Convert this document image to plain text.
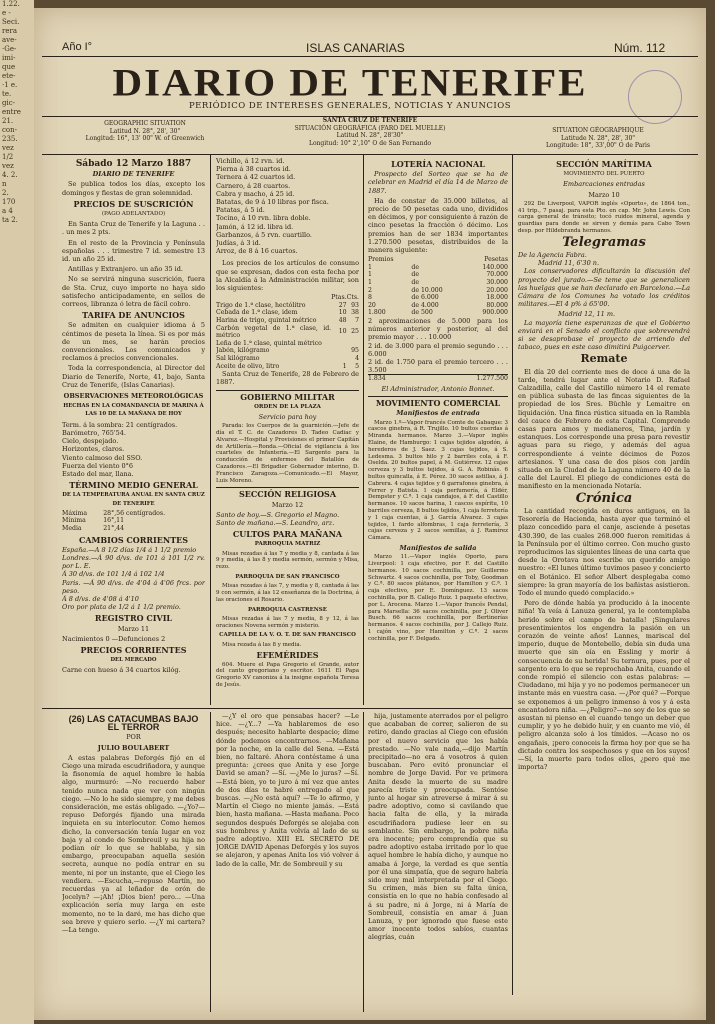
1.22.
e -
Seci.
rera
ave-
·Ge-
imi-
que
ete-
·1 e.
te.
gic-
entre
21.
con-
235.
vez
1/2
vez
4. 2.
n
2.
170
a 4
ta 2.
Año I°	ISLAS CANARIAS	Núm. 112
DIARIO DE TENERIFE
PERIÓDICO DE INTERESES GENERALES, NOTICIAS Y ANUNCIOS
GEOGRAPHIC SITUATION
Latitud N. 28°, 28', 30"
Longitud: 16°, 13' 00" W. of Greenwich
SANTA CRUZ DE TENERIFE
SITUACIÓN GEOGRÁFICA (FARO DEL MUELLE)
Latitud N. 28°, 28'30"
Longitud: 10° 2',10" O de San Fernando
SITUATION GÉOGRAPHIQUE
Latitude N. 28°, 28', 30"
Longitude: 18°, 33',00" O de Paris
Sábado 12 Marzo 1887
DIARIO DE TENERIFE

Se publica todos los días, excepto los domingos y fiestas de gran solemnidad.

PRECIOS DE SUSCRICIÓN
(PAGO ADELANTADO)

En Santa Cruz de Tenerife y la Laguna . . . un mes 2 pts.

En el resto de la Provincia y Península españolas . . . trimestre 7 id. semestre 13 id. un año 25 id.

Antillas y Extranjero. un año 35 id.

No se servirá ninguna suscrición, fuera de Sta. Cruz, cuyo importe no haya sido satisfecho anticipadamente, en sellos de correos, libranza ó letra de fácil cobro.

TARIFA DE ANUNCIOS

Se admiten en cualquier idioma á 5 céntimos de peseta la línea. Si es por más de un mes, se harán precios convencionales. Los comunicados y reclamos á precios convencionales.

Toda la correspondencia, al Director del Diario de Tenerife, Norte, 41, bajo, Santa Cruz de Tenerife, (Islas Canarias).

OBSERVACIONES METEOROLÓGICAS
HECHAS EN LA COMANDANCIA DE MARINA Á LAS 10 DE LA MAÑANA DE HOY
Term. á la sombra: 21 centígrados.
Barómetro, 765'54.
Cielo, despejado.
Horizontes, claros.
Viento calmoso del SSO.
Fuerza del viento 0°6
Estado del mar, llana.
TÉRMINO MEDIO GENERAL
DE LA TEMPERATURA ANUAL EN SANTA CRUZ DE TENERIFE
Máxima	28°,56 centígrados.
Mínima	16°,11
Media	21°,44
CAMBIOS CORRIENTES
España.—A 8 1/2 días 1/4 á 1 1/2 premio
Londres.—Á 90 d/vs. de 101 á 101 1/2 rv. por L. E.
Á 30 d/vs. de 101 1/4 á 102 1/4
Paris. —Á 90 d/vs. de 4'04 á 4'06 frcs. por peso.
Á 8 d/vs. de 4'08 á 4'10
Oro por plata de 1/2 á 1 1/2 premio.
REGISTRO CIVIL
Marzo 11
Nacimientos 0 —Defunciones 2
PRECIOS CORRIENTES
DEL MERCADO
Carne con hueso á 34 cuartos kilóg.
Vichillo, á 12 rvn. id.
Pierna á 38 cuartos id.
Ternera á 42 cuartos id.
Carnero, á 28 cuartos.
Cabra y macho, á 25 id.
Batatas, de 9 á 10 libras por fisca.
Patatas, á 5 id.
Tocino, á 10 rvn. libra doble.
Jamón, á 12 id. libra id.
Garbanzos, á 5 rvn. cuartillo.
Judías, á 3 id.
Arroz, de 8 á 16 cuartos.

Los precios de los artículos de consumo que se expresan, dados con esta fecha por la Alcaldía á la Administración militar, son los siguientes:

	Ptas.	Cts.
Trigo de 1.ª clase, hectólitro	27	93
Cebada de 1.ª clase, idem	10	38
Harina de trigo, quintal métrico	48	7
Carbón vegetal de 1.ª clase, id. métrico	10	25
Leña de 1.ª clase, quintal métrico		
Jabón, kilógramo		95
Sal kilógramo		4
Aceite de olivo, litro	1	5

Santa Cruz de Tenerife, 28 de Febrero de 1887.

GOBIERNO MILITAR
ORDEN DE LA PLAZA
Servicio para hoy

Parada: los Cuerpos de la guarnición.—Jefe de día el T. C. de Cazadores D. Tadeo Cadiac y Alvarez.—Hospital y Provisiones el primer Capitán de Artillería.—Ronda.—Oficial de vigilancia á los cuarteles de Infantería.—El Sargento para la conducción de enfermos del Batallón de Cazadores.—El Brigadier Gobernador interino, D. Francisco Zaragoza.—Comunicado.—El Mayor, Luis Moreno.

SECCIÓN RELIGIOSA
Marzo 12
Santo de hoy.—S. Gregorio el Magno.
Santo de mañana.—S. Leandro, arz.
CULTOS PARA MAÑANA
PARROQUIA MATRIZ

Misas rezadas á las 7 y media y 8, cantada á las 9 y media, á las 8 y media sermón, sermón y Misa, rezo.

PARROQUIA DE SAN FRANCISCO

Misas rezadas á las 7, y media y 8, cantada á las 9 con sermón, á las 12 enseñanza de la Doctrina, á las oraciones el Rosario.

PARROQUIA CASTRENSE

Misas rezadas á las 7 y media, 8 y 12, á las oraciones Novena sermón y misterio.

CAPILLA DE LA V. O. T. DE SAN FRANCISCO

Misa rezada á las 8 y media.

EFEMÉRIDES

604. Muere el Papa Gregorio el Grande, autor del canto gregoriano y escritor. 1611 El Papa Gregorio XV canoniza á la insigne española Teresa de Jesús.

LOTERÍA NACIONAL

Prospecto del Sorteo que se ha de celebrar en Madrid el día 14 de Marzo de 1887.

Ha de constar de 35.000 billetes, al precio de 50 pesetas cada uno, divididos en décimos, y por consiguiente á razón de cinco pesetas la fracción ó décimo. Los premios han de ser 1834 importantes 1.270.500 pesetas, distribuidos de la manera siguiente:

Premios		Pesetas
1	de	140.000
1	de	70.000
1	de	30.000
2	de 10.000	20.000
8	de 6.000	18.000
20	de 4.000	80.000
1.800	de 500	900.000
2 aproximaciones de 5.000 para los números anterior y posterior, al del premio mayor . . . 10.000
2 id. de 3.000 para el premio segundo . . . 6.000
2 id. de 1.750 para el premio tercero . . . 3.500
1.834	1.277.500
El Administrador, Antonio Bonnet.
MOVIMIENTO COMERCIAL
Manifiestos de entrada

Marzo 1.º—Vapor francés Comte de Gabaque: 3 cascos ginebra, á R. Trujillo. 10 bultos cuerdas á Miranda hermanos. Marzo 3.—Vapor inglés Elaine, de Hamburgo: 1 cajas tejidos algodón, á herederos de J. Saez. 3 cajas tejidos, á S. Ledesma. 3 bultos hilo y 2 barriles cola, á F. Oselda. 20 bultos papel, á M. Gutiérrez. 12 cajas cerveza y 3 bultos tejidos, á G. A. Robinás. 6 bultos quincalla, á E. Pérez. 30 sacos astillas, á J. Cabrera. 4 cajas tejidos y 6 garrafones ginebra, á Ferrer y Batista. 1 caja perfumería, á Eldér, Dempster y C.ª. 1 caja candajos, á F. del Castillo hermanos. 10 sacos harina, 1 cascos espíritu, 10 barriles cerveza, 8 bultos tejidos, 1 caja ferretería y 1 caja cuentas, á J. García Álvarez. 3 cajas tejidos, 1 fardo alfombras, 1 caja ferretería, 3 cajas cerveza y 2 sacos semillas, á J. Ramírez Cámara.

Manifiestos de salida

Marzo 11.—Vapor inglés Oporto, para Liverpool: 1 caja efectivo, por F. del Castillo hermanos. 10 sacos cochinilla, por Guillermo Schwartz. 4 sacos cochinilla, por Toby, Goodman y C.ª. 80 sacos plátanos, por Hamilton y C.ª. 1 caja efectivo, por E. Domínguez. 13 sacos cochinilla, por B. Callejo Ruiz. 1 paquete efectivo, por L. Arocena. Marzo 1.—Vapor francés Pendal, para Marsella: 36 sacos cochinilla, por J. Oliver Busch. 66 sacos cochinilla, por Bertinerías hermanos. 4 sacos cochinilla, por J. Callejo Ruiz. 1 cajón vino, por Hamilton y C.ª. 2 sacos cochinilla, por F. Delgado.

SECCIÓN MARÍTIMA
MOVIMIENTO DEL PUERTO
Embarcaciones entradas
Marzo 10

292 De Liverpool, VAPOR inglés «Oporto», de 1864 ton., 41 trip., 7 pasaj. para esta Pto. en cap. Mr. John Lewis. Con carga general de tránsito; tocó ruidos mineral, agenda y guardias para donde se sirven y demás para Cabo Town desp. por Hildebranda hermanos.

Telegramas
De la Agencia Fabra.
Madrid 11, 6'30 n.

Los conservadores dificultarán la discusión del proyecto del jurado.—Se teme que se generalicen las huelgas que se han declarado en Barcelona.—La Cámara de los Comunes ha votado los créditos militares.—El 4 p% á 65'00.

Madrid 12, 11 m.

La mayoría tiene esperanzas de que el Gobierno enviará en el Senado el conflicto que sobrevendrá si se desaprobase el proyecto de arriendo del tabaco, pues en este caso dimitirá Puigcerver.

Remate

El día 20 del corriente mes de doce á una de la tarde, tendrá lugar ante el Notario D. Rafael Calzadilla, calle del Castillo número 14 el remate en pública subasta de las fincas siguientes de la propiedad de los Sres. Büchle y Lemaitre en liquidación. Una finca rústica situada en la Rambla del cauce de Febrero de esta Capital. Comprende casas para amos y medianeros, Tina, jardín y estanques. Los corresponde una presa para revestir aguas para su riego, y además del agua correspondiente á veinte décimos de Pozos artesianos. Y una casa de dos pisos con jardín situada en la Ciudad de la Laguna número 40 de la calle del Laurel. El pliego de condiciones está de manifiesto en la mencionada Notaría.

Crónica

La cantidad recogida en duros antiguos, en la Tesorería de Hacienda, hasta ayer que terminó el plazo concedido para el canje, asciende á pesetas 430.390, de las cuales 268.000 fueron remitidas á la Península por el último correo. Con mucho gusto reproducimos las siguientes líneas de una carta que desde la Orotava nos escribe un querido amigo nuestro: «El lunes último tuvimos paseo y concierto en el Botánico. El señor Albert desplegaba como siempre: la gran mayoría de los bañistas asistieron. Todo el mundo quedó complacido.»

Pero de dónde había ya producido á la inocente niña! Ya veía á Lanuza general, ya le contemplaba herido sobre el campo de batalla! ¡Singulares presentimientos los engendra la pasión en un corazón de veinte años! Lannes, mariscal del imperio, duque de Montebello, debía sin duda una muerte que sin oía en Essling y morir á consecuencia de su herida! Su ternura, pues, por el sargento era lo que se reprochaba Anita, cuando el conde rompió el silencio con estas palabras: —Ciudadano, mi hija y yo no podemos permanecer un instante más en vuestra casa. —¿Por qué? —Porque se exponemos á un peligro inmenso á vos y á esta encantadora niña. —¿Peligro?—no soy de los que se asustan ni pienso en el cuando tengo un deber que cumplir, y yo he debido huir, y en cuanto me vió, él peligro alcanza solo á los tímidos. —Acaso no os engañais, ¡pero conoceis la firma hoy por que se ha dictado contra los sospechosos y que en los suyos! —Sí, la muerte para todos ellos, ¿pero qué me importa?

(26) LAS CATACUMBAS BAJO EL TERROR
POR
JULIO BOULABERT

A estas palabras Deforgés fijó en el Ciego una mirada escudriñadora, y aunque la fisonomía de aquel hombre le había algo, murmuró: —No recuerdo haber tenido nunca nada que ver con ningún ciego. —No lo he sido siempre, y me debes consideración, me estás obligado. —¿Yo?—repuso Deforgés fijando una mirada inquieta en su interlocutor. Como hemos dicho, la conversación tenía lugar en voz baja y al conde de Sombreuil y su hija no podían oír lo que se hablaba, y sin embargo, preocupaban aquella sesión secreta, aunque no podía entrar en su mente, ni por un instante, que el Ciego les vendiera. —Escucha,—repuso Martín, no recuerdas ya al leñador de orón de Jocelyn? —¡Ah! ¡Dios bien! pero... —Una explicación sería muy larga en este momento, no te la daré, me has dicho que sea breve y quiero serlo. —¿Y mi cartera? —La tengo.

—¿Y el oro que pensabas hacer? —Le hice. —¿Y...? —Ya hablaremos de eso después; necesito hablarte despacio; dime dónde podemos encontrarnos. —Mañana por la noche, en la calle del Sena. —Está bien, no faltaré. Ahora contéstame á una pregunta: ¿crees que Anita y ese Jorge David se aman? —Sí. —¿Me lo juras? —Sí. —Está bien, yo te juro á mí vez que antes de dos días te habré entregado al que buscas. —¿No está aquí? —Te lo afirmo, y Martín el Ciego no miente jamás. —Está bien, hasta mañana. —Hasta mañana. Poco segundos después Deforgés se alejaba con sus hombres y Anita volvía al lado de su padre adoptivo. XIII EL SECRETO DE JORGE DAVID Apenas Deforgés y los suyos se alejaron, y apenas Anita los vió volver á lado de la calle, Mr. de Sombreuil y su

hija, justamente aterrados por el peligro que acababan de correr, salieron de su retiro, dando gracias al Ciego con efusión por el nuevo servicio que les había prestado. —No vale nada,—dijo Martín precipitado—no era á vosotros á quien buscaban. Pero evitó pronunciar el nombre de Jorge David. Por ve primera Anita desde la muerte de su madre parecía triste y preocupada. Sentóse junto al hogar sin atreverse á mirar á su padre adoptivo, como si cavilando que hacia falta de ella, y la mirada escudriñadora pudiese leer en su semblante. Sin embargo, la pobre niña era inocente; pero comprendía que su padre adoptivo estaba irritado por lo que aquel hombre le había dicho, y aunque no amaba á Jorge, la verdad es que sentía por él una simpatía, que de seguro habría sido muy mal interpretada por el Ciego. Su crimen, más bien su falta única, consistía en lo que no había confesado al á su padre, ni á Jorge, ni á María de Sombreuil, consistía en amar á Juan Lanuza, y por ignorado que fuese este amor inocente todos sabíos, cuantas alegrías, cuán
